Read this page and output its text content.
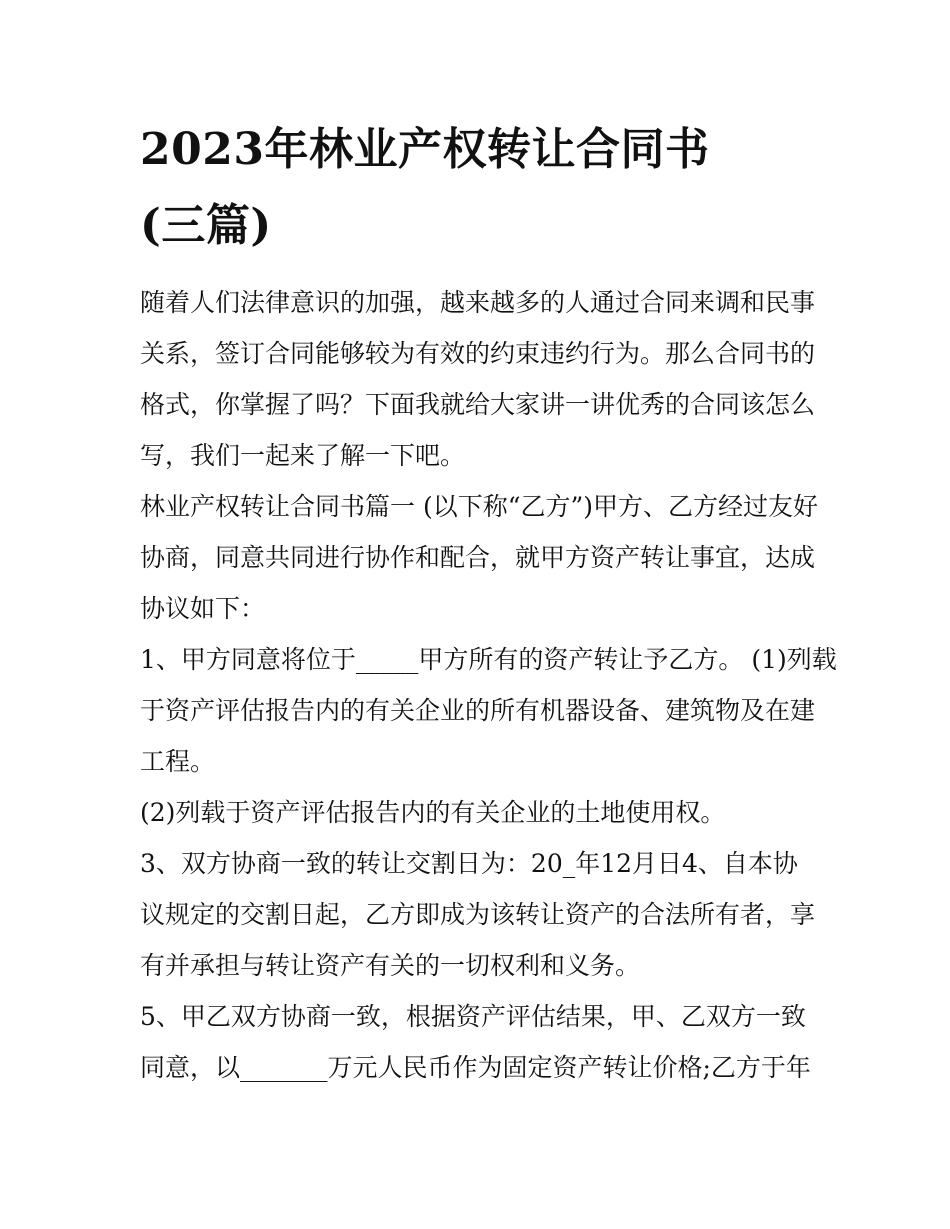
2023年林业产权转让合同书
(三篇)
随着人们法律意识的加强，越来越多的人通过合同来调和民事
关系，签订合同能够较为有效的约束违约行为。那么合同书的
格式，你掌握了吗？下面我就给大家讲一讲优秀的合同该怎么
写，我们一起来了解一下吧。
林业产权转让合同书篇一 (以下称“乙方”)甲方、乙方经过友好
协商，同意共同进行协作和配合，就甲方资产转让事宜，达成
协议如下：
1、甲方同意将位于_____甲方所有的资产转让予乙方。 (1)列载
于资产评估报告内的有关企业的所有机器设备、建筑物及在建
工程。
(2)列载于资产评估报告内的有关企业的土地使用权。
3、双方协商一致的转让交割日为：20_年12月日4、自本协
议规定的交割日起，乙方即成为该转让资产的合法所有者，享
有并承担与转让资产有关的一切权利和义务。
5、甲乙双方协商一致，根据资产评估结果，甲、乙双方一致
同意，以_______万元人民币作为固定资产转让价格;乙方于年
